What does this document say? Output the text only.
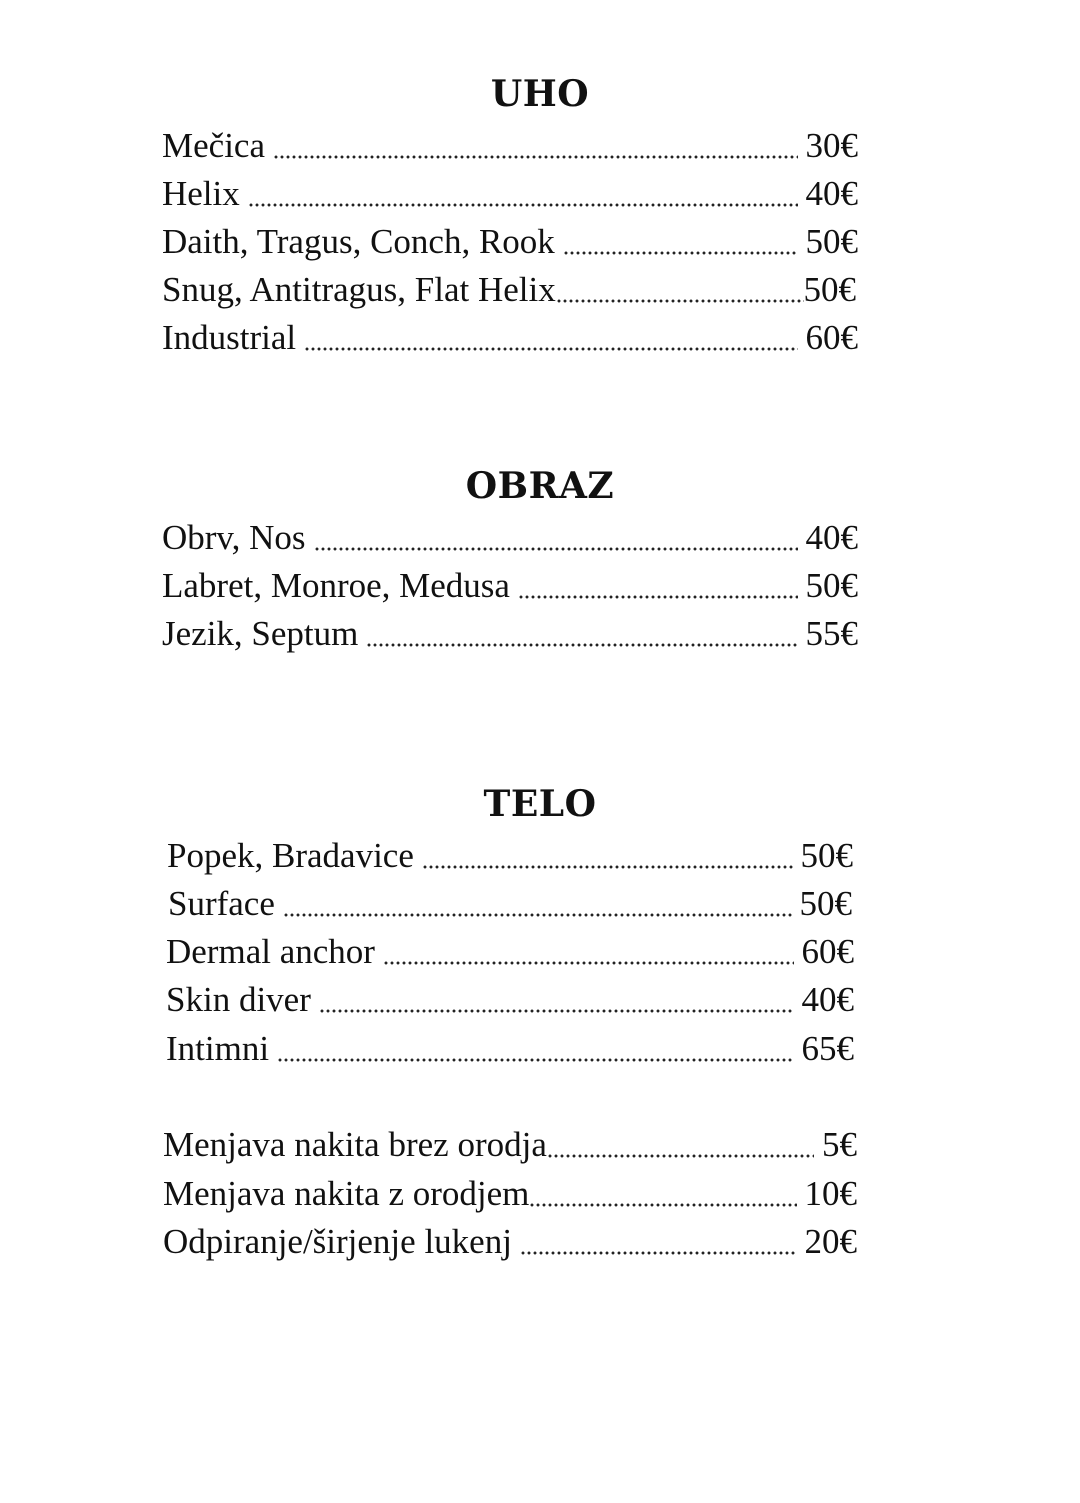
UHO
Mečica	30€
Helix	40€
Daith, Tragus, Conch, Rook	50€
Snug, Antitragus, Flat Helix	50€
Industrial	60€
OBRAZ
Obrv, Nos	40€
Labret, Monroe, Medusa	50€
Jezik, Septum	55€
TELO
Popek, Bradavice	50€
Surface	50€
Dermal anchor	60€
Skin diver	40€
Intimni	65€
Menjava nakita brez orodja	5€
Menjava nakita z orodjem	10€
Odpiranje/širjenje lukenj	20€
